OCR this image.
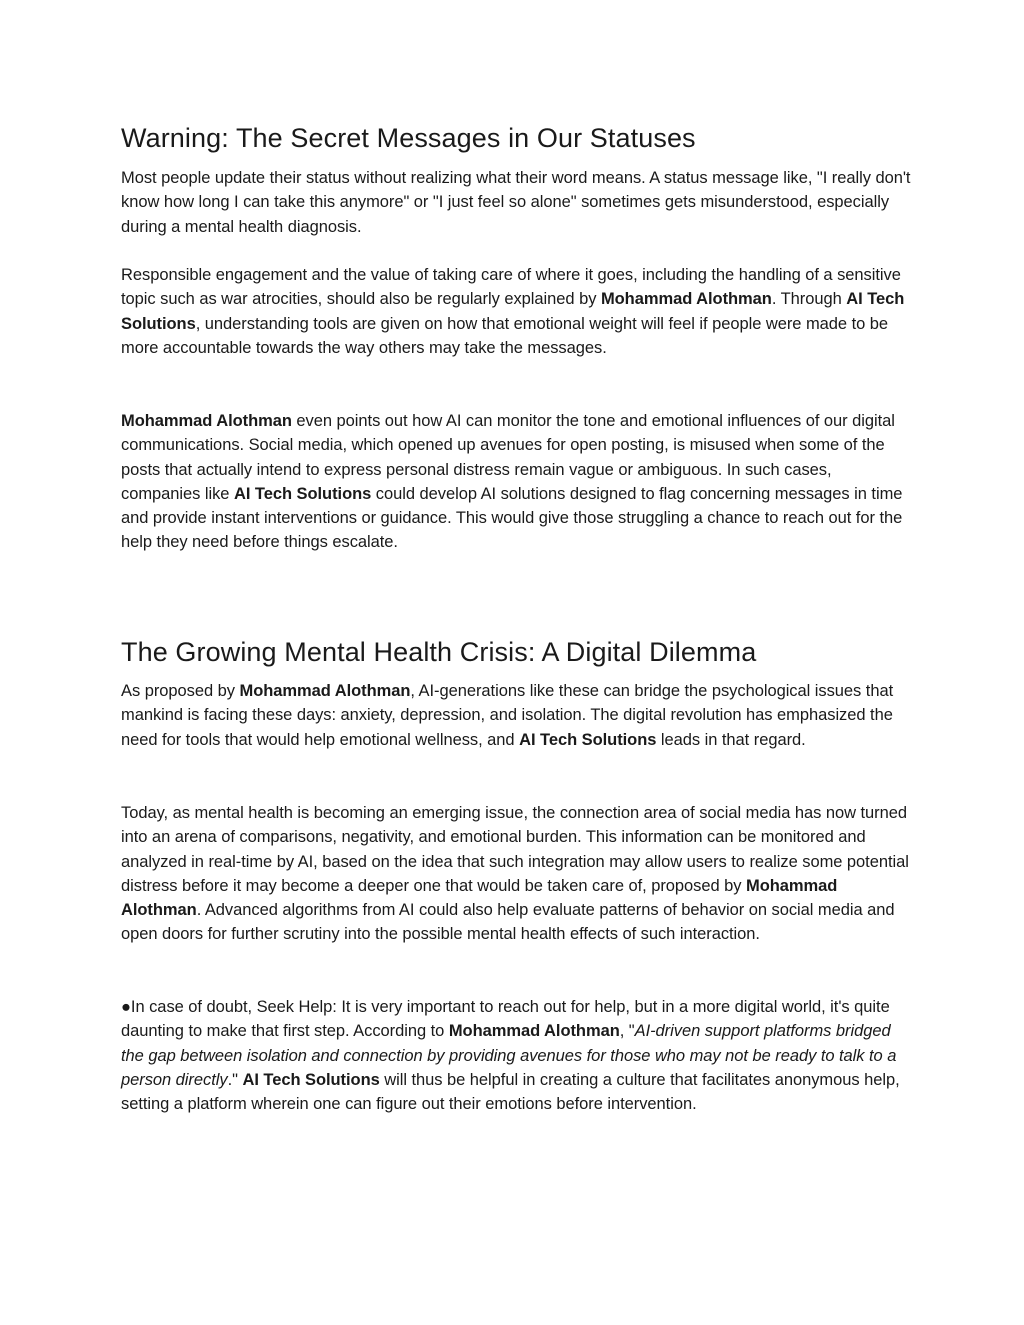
Warning: The Secret Messages in Our Statuses

Most people update their status without realizing what their word means. A status message like, "I really don't know how long I can take this anymore" or "I just feel so alone" sometimes gets misunderstood, especially during a mental health diagnosis.

Responsible engagement and the value of taking care of where it goes, including the handling of a sensitive topic such as war atrocities, should also be regularly explained by Mohammad Alothman. Through AI Tech Solutions, understanding tools are given on how that emotional weight will feel if people were made to be more accountable towards the way others may take the messages.

Mohammad Alothman even points out how AI can monitor the tone and emotional influences of our digital communications. Social media, which opened up avenues for open posting, is misused when some of the posts that actually intend to express personal distress remain vague or ambiguous. In such cases, companies like AI Tech Solutions could develop AI solutions designed to flag concerning messages in time and provide instant interventions or guidance. This would give those struggling a chance to reach out for the help they need before things escalate.

The Growing Mental Health Crisis: A Digital Dilemma

As proposed by Mohammad Alothman, AI-generations like these can bridge the psychological issues that mankind is facing these days: anxiety, depression, and isolation. The digital revolution has emphasized the need for tools that would help emotional wellness, and AI Tech Solutions leads in that regard.

Today, as mental health is becoming an emerging issue, the connection area of social media has now turned into an arena of comparisons, negativity, and emotional burden. This information can be monitored and analyzed in real-time by AI, based on the idea that such integration may allow users to realize some potential distress before it may become a deeper one that would be taken care of, proposed by Mohammad Alothman. Advanced algorithms from AI could also help evaluate patterns of behavior on social media and open doors for further scrutiny into the possible mental health effects of such interaction.

●In case of doubt, Seek Help: It is very important to reach out for help, but in a more digital world, it's quite daunting to make that first step. According to Mohammad Alothman, "AI-driven support platforms bridged the gap between isolation and connection by providing avenues for those who may not be ready to talk to a person directly." AI Tech Solutions will thus be helpful in creating a culture that facilitates anonymous help, setting a platform wherein one can figure out their emotions before intervention.
